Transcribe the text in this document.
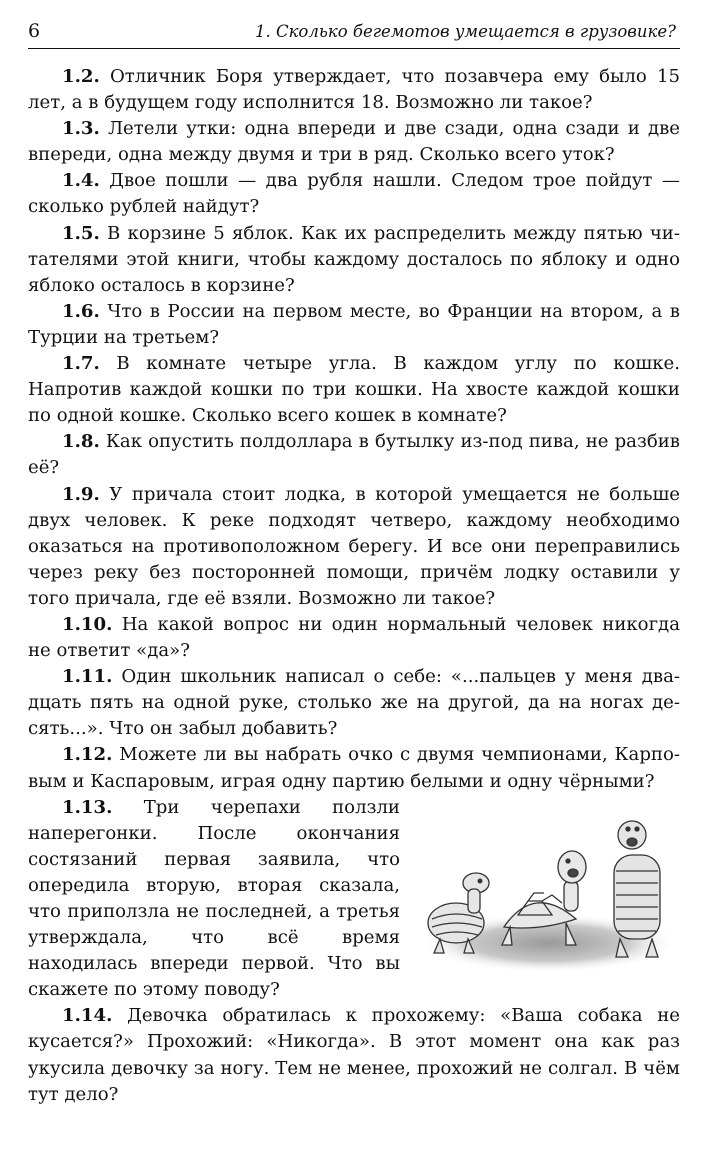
6	1. Сколько бегемотов умещается в грузовике?

1.2. Отличник Боря утверждает, что позавчера ему было 15 лет, а в будущем году исполнится 18. Возможно ли такое?

1.3. Летели утки: одна впереди и две сзади, одна сзади и две впереди, одна между двумя и три в ряд. Сколько всего уток?

1.4. Двое пошли — два рубля нашли. Следом трое пойдут — сколько рублей найдут?

1.5. В корзине 5 яблок. Как их распределить между пятью читателями этой книги, чтобы каждому досталось по яблоку и одно яблоко осталось в корзине?

1.6. Что в России на первом месте, во Франции на втором, а в Турции на третьем?

1.7. В комнате четыре угла. В каждом углу по кошке. Напротив каждой кошки по три кошки. На хвосте каждой кошки по одной кошке. Сколько всего кошек в комнате?

1.8. Как опустить полдоллара в бутылку из-под пива, не разбив её?

1.9. У причала стоит лодка, в которой умещается не больше двух человек. К реке подходят четверо, каждому необходимо оказаться на противоположном берегу. И все они переправились через реку без посторонней помощи, причём лодку оставили у того причала, где её взяли. Возможно ли такое?

1.10. На какой вопрос ни один нормальный человек никогда не ответит «да»?

1.11. Один школьник написал о себе: «...пальцев у меня двадцать пять на одной руке, столько же на другой, да на ногах десять...». Что он забыл добавить?

1.12. Можете ли вы набрать очко с двумя чемпионами, Карповым и Каспаровым, играя одну партию белыми и одну чёрными?

1.13. Три черепахи ползли наперегонки. После окончания состязаний первая заявила, что опередила вторую, вторая сказала, что приползла не последней, а третья утверждала, что всё время находилась впереди первой. Что вы скажете по этому поводу?

1.14. Девочка обратилась к прохожему: «Ваша собака не кусается?» Прохожий: «Никогда». В этот момент она как раз укусила девочку за ногу. Тем не менее, прохожий не солгал. В чём тут дело?
